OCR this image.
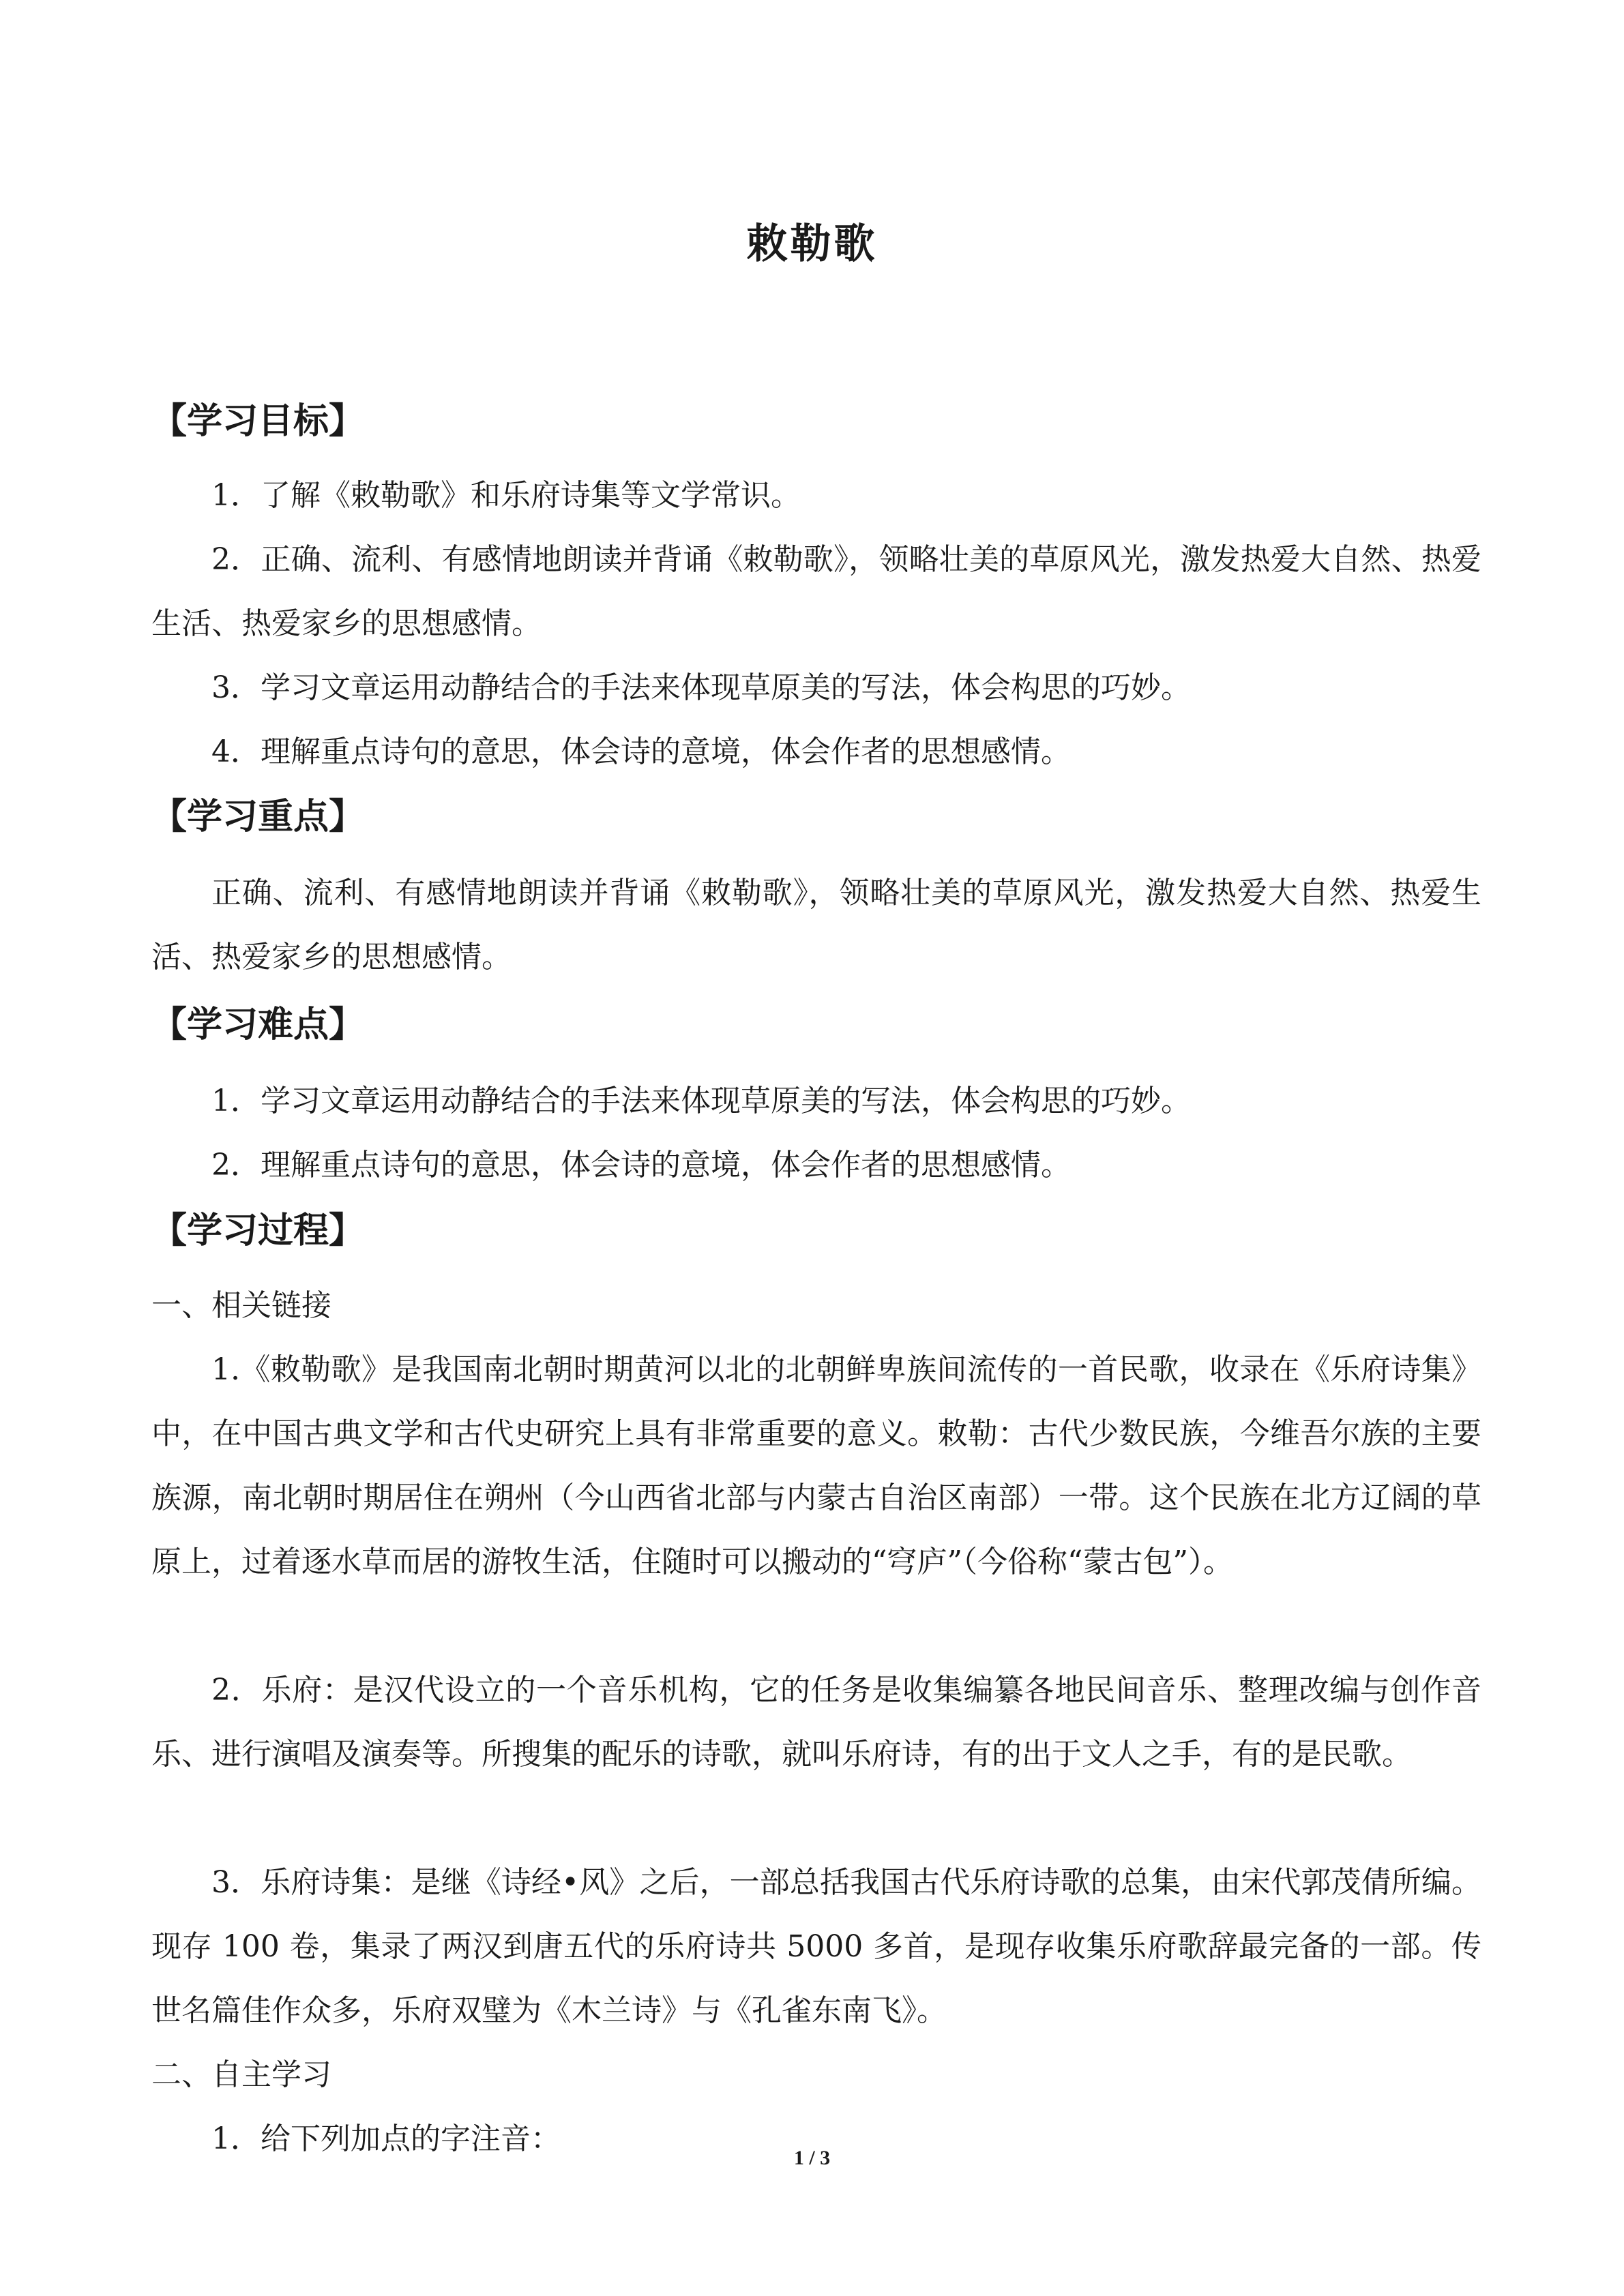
敕勒歌
【学习目标】
1．了解《敕勒歌》和乐府诗集等文学常识。
2．正确、流利、有感情地朗读并背诵《敕勒歌》，领略壮美的草原风光，激发热爱大自然、热爱生活、热爱家乡的思想感情。
3．学习文章运用动静结合的手法来体现草原美的写法，体会构思的巧妙。
4．理解重点诗句的意思，体会诗的意境，体会作者的思想感情。
【学习重点】
正确、流利、有感情地朗读并背诵《敕勒歌》，领略壮美的草原风光，激发热爱大自然、热爱生活、热爱家乡的思想感情。
【学习难点】
1．学习文章运用动静结合的手法来体现草原美的写法，体会构思的巧妙。
2．理解重点诗句的意思，体会诗的意境，体会作者的思想感情。
【学习过程】
一、相关链接
1.《敕勒歌》是我国南北朝时期黄河以北的北朝鲜卑族间流传的一首民歌，收录在《乐府诗集》中，在中国古典文学和古代史研究上具有非常重要的意义。敕勒：古代少数民族，今维吾尔族的主要族源，南北朝时期居住在朔州（今山西省北部与内蒙古自治区南部）一带。这个民族在北方辽阔的草原上，过着逐水草而居的游牧生活，住随时可以搬动的“穹庐”（今俗称“蒙古包”）。
2．乐府：是汉代设立的一个音乐机构，它的任务是收集编纂各地民间音乐、整理改编与创作音乐、进行演唱及演奏等。所搜集的配乐的诗歌，就叫乐府诗，有的出于文人之手，有的是民歌。
3．乐府诗集：是继《诗经•风》之后，一部总括我国古代乐府诗歌的总集，由宋代郭茂倩所编。现存 100 卷，集录了两汉到唐五代的乐府诗共 5000 多首，是现存收集乐府歌辞最完备的一部。传世名篇佳作众多，乐府双璧为《木兰诗》与《孔雀东南飞》。
二、自主学习
1．给下列加点的字注音：
1 / 3
